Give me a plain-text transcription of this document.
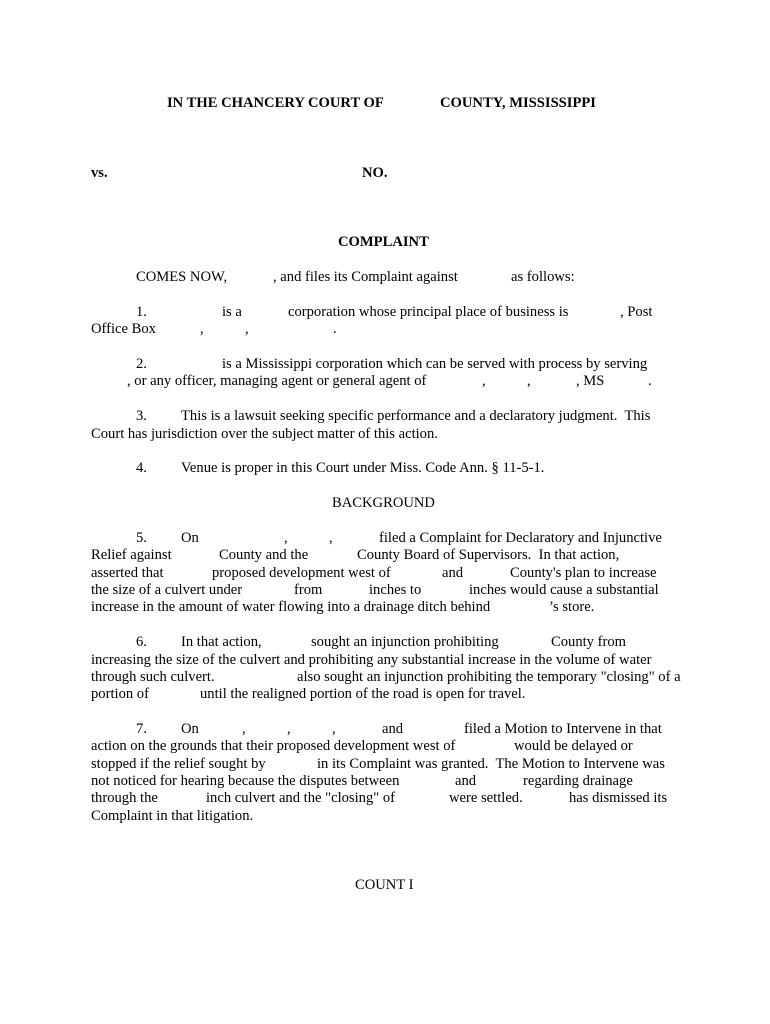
IN THE CHANCERY COURT OF	COUNTY, MISSISSIPPI
vs.	NO.
COMPLAINT
COMES NOW,	, and files its Complaint against	as follows:
1.	is a	corporation whose principal place of business is	, Post
Office Box	,	,	.
2.	is a Mississippi corporation which can be served with process by serving
, or any officer, managing agent or general agent of	,	,	, MS	.
3. This is a lawsuit seeking specific performance and a declaratory judgment.  This
Court has jurisdiction over the subject matter of this action.
4. Venue is proper in this Court under Miss. Code Ann. § 11-5-1.
BACKGROUND
5. On	,	,	filed a Complaint for Declaratory and Injunctive
Relief against	County and the	County Board of Supervisors.  In that action,
asserted that	proposed development west of	and	County's plan to increase
the size of a culvert under	from	inches to	inches would cause a substantial
increase in the amount of water flowing into a drainage ditch behind	’s store.
6. In that action,	sought an injunction prohibiting	County from
increasing the size of the culvert and prohibiting any substantial increase in the volume of water
through such culvert.	also sought an injunction prohibiting the temporary "closing" of a
portion of	until the realigned portion of the road is open for travel.
7. On	,	,	,	and	filed a Motion to Intervene in that
action on the grounds that their proposed development west of	would be delayed or
stopped if the relief sought by	in its Complaint was granted.  The Motion to Intervene was
not noticed for hearing because the disputes between	and	regarding drainage
through the	inch culvert and the "closing" of	were settled.	has dismissed its
Complaint in that litigation.
COUNT I
